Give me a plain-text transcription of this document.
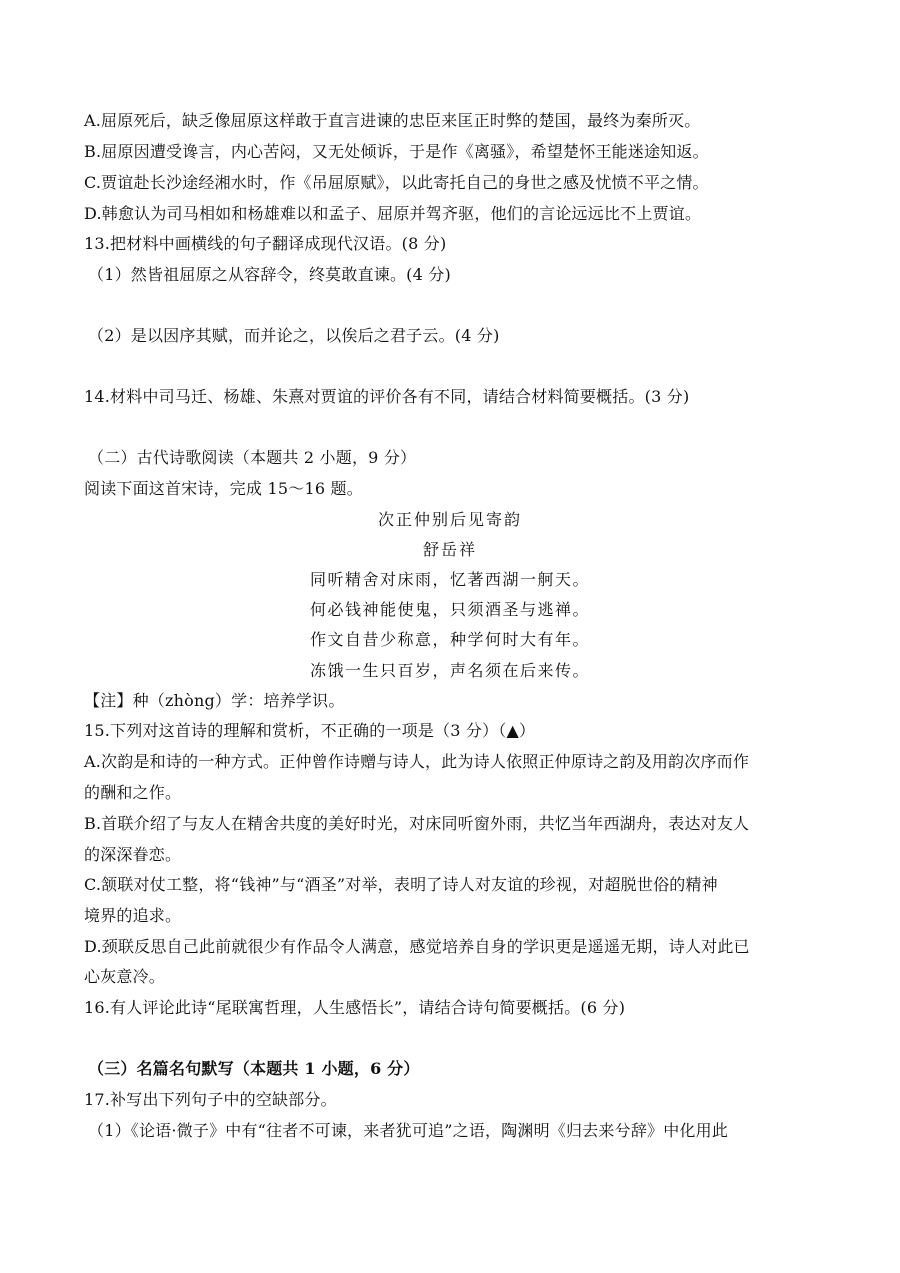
A.屈原死后，缺乏像屈原这样敢于直言进谏的忠臣来匡正时弊的楚国，最终为秦所灭。
B.屈原因遭受谗言，内心苦闷，又无处倾诉，于是作《离骚》，希望楚怀王能迷途知返。
C.贾谊赴长沙途经湘水时，作《吊屈原赋》，以此寄托自己的身世之感及忧愤不平之情。
D.韩愈认为司马相如和杨雄难以和孟子、屈原并驾齐驱，他们的言论远远比不上贾谊。
13.把材料中画横线的句子翻译成现代汉语。(8 分)
（1）然皆祖屈原之从容辞令，终莫敢直谏。(4 分)
（2）是以因序其赋，而并论之，以俟后之君子云。(4 分)
14.材料中司马迁、杨雄、朱熹对贾谊的评价各有不同，请结合材料简要概括。(3 分)
（二）古代诗歌阅读（本题共 2 小题，9 分）
阅读下面这首宋诗，完成 15～16 题。
次正仲别后见寄韵
舒岳祥
同听精舍对床雨，忆著西湖一舸天。
何必钱神能使鬼，只须酒圣与逃禅。
作文自昔少称意，种学何时大有年。
冻饿一生只百岁，声名须在后来传。
【注】种（zhòng）学：培养学识。
15.下列对这首诗的理解和赏析，不正确的一项是（3 分）（▲）
A.次韵是和诗的一种方式。正仲曾作诗赠与诗人，此为诗人依照正仲原诗之韵及用韵次序而作
的酬和之作。
B.首联介绍了与友人在精舍共度的美好时光，对床同听窗外雨，共忆当年西湖舟，表达对友人
的深深眷恋。
C.颔联对仗工整，将“钱神”与“酒圣”对举，表明了诗人对友谊的珍视，对超脱世俗的精神
境界的追求。
D.颈联反思自己此前就很少有作品令人满意，感觉培养自身的学识更是遥遥无期，诗人对此已
心灰意冷。
16.有人评论此诗“尾联寓哲理，人生感悟长”，请结合诗句简要概括。(6 分)
（三）名篇名句默写（本题共 1 小题，6 分）
17.补写出下列句子中的空缺部分。
（1）《论语·微子》中有“往者不可谏，来者犹可追”之语，陶渊明《归去来兮辞》中化用此
